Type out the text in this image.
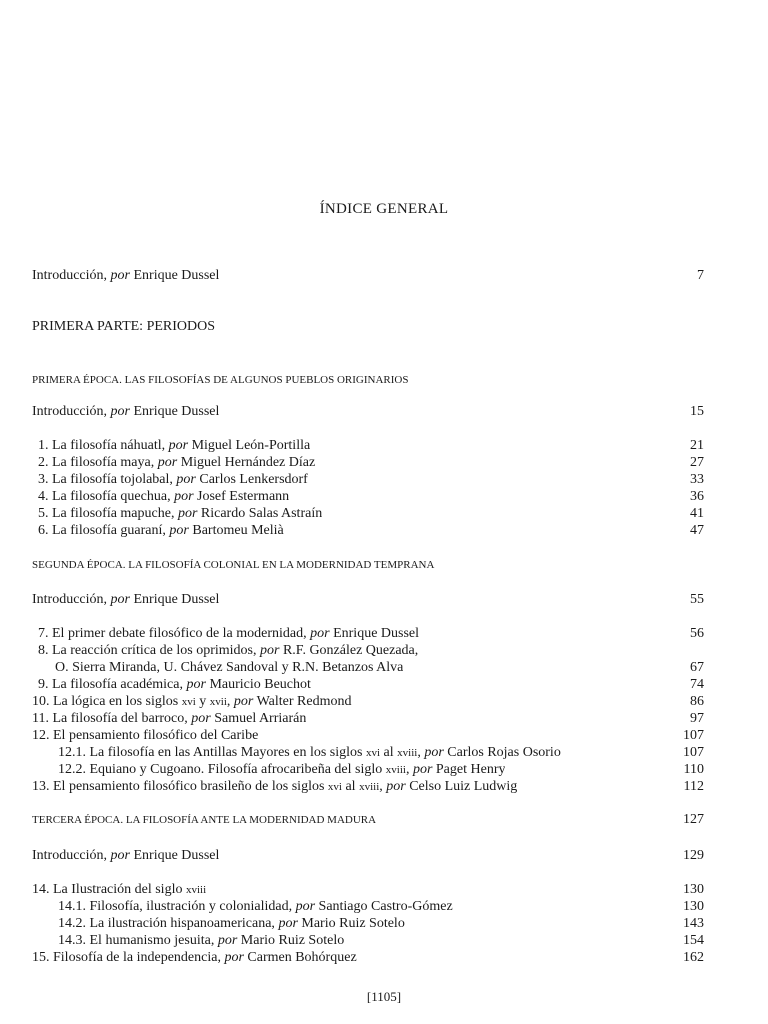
ÍNDICE GENERAL
Introducción, por Enrique Dussel	7
PRIMERA PARTE: PERIODOS
PRIMERA ÉPOCA. LAS FILOSOFÍAS DE ALGUNOS PUEBLOS ORIGINARIOS
Introducción, por Enrique Dussel	15
1. La filosofía náhuatl, por Miguel León-Portilla	21
2. La filosofía maya, por Miguel Hernández Díaz	27
3. La filosofía tojolabal, por Carlos Lenkersdorf	33
4. La filosofía quechua, por Josef Estermann	36
5. La filosofía mapuche, por Ricardo Salas Astraín	41
6. La filosofía guaraní, por Bartomeu Melià	47
SEGUNDA ÉPOCA. LA FILOSOFÍA COLONIAL EN LA MODERNIDAD TEMPRANA
Introducción, por Enrique Dussel	55
7. El primer debate filosófico de la modernidad, por Enrique Dussel	56
8. La reacción crítica de los oprimidos, por R.F. González Quezada,
O. Sierra Miranda, U. Chávez Sandoval y R.N. Betanzos Alva	67
9. La filosofía académica, por Mauricio Beuchot	74
10. La lógica en los siglos xvi y xvii, por Walter Redmond	86
11. La filosofía del barroco, por Samuel Arriarán	97
12. El pensamiento filosófico del Caribe	107
12.1. La filosofía en las Antillas Mayores en los siglos xvi al xviii, por Carlos Rojas Osorio	107
12.2. Equiano y Cugoano. Filosofía afrocaribeña del siglo xviii, por Paget Henry	110
13. El pensamiento filosófico brasileño de los siglos xvi al xviii, por Celso Luiz Ludwig	112
TERCERA ÉPOCA. LA FILOSOFÍA ANTE LA MODERNIDAD MADURA	127
Introducción, por Enrique Dussel	129
14. La Ilustración del siglo xviii	130
14.1. Filosofía, ilustración y colonialidad, por Santiago Castro-Gómez	130
14.2. La ilustración hispanoamericana, por Mario Ruiz Sotelo	143
14.3. El humanismo jesuita, por Mario Ruiz Sotelo	154
15. Filosofía de la independencia, por Carmen Bohórquez	162
[1105]
